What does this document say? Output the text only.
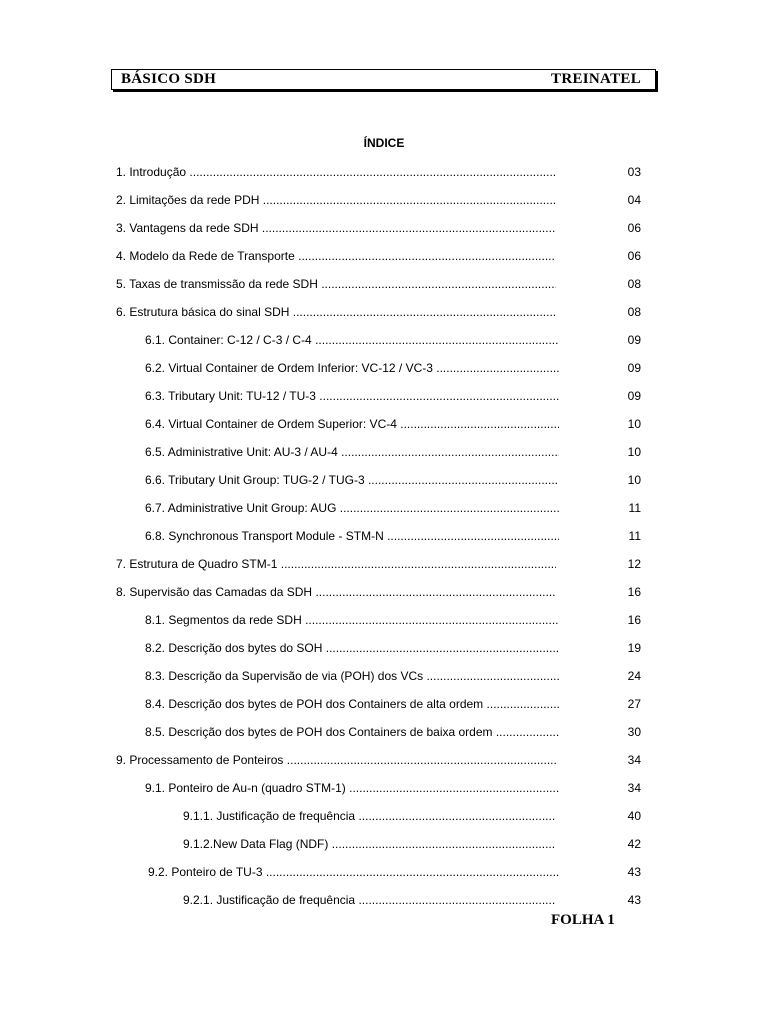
BÁSICO SDH	TREINATEL
ÍNDICE
1. Introdução .....	03
2. Limitações da rede PDH .....	04
3. Vantagens da rede SDH .....	06
4. Modelo da Rede de Transporte .....	06
5. Taxas de transmissão da rede SDH .....	08
6. Estrutura básica do sinal SDH .....	08
6.1. Container: C-12 / C-3 / C-4 .....	09
6.2. Virtual Container de Ordem Inferior: VC-12 / VC-3 .....	09
6.3. Tributary Unit: TU-12 / TU-3 .....	09
6.4. Virtual Container de Ordem Superior: VC-4 .....	10
6.5. Administrative Unit: AU-3 / AU-4 .....	10
6.6. Tributary Unit Group: TUG-2 / TUG-3 .....	10
6.7. Administrative Unit Group: AUG .....	11
6.8. Synchronous Transport Module - STM-N .....	11
7. Estrutura de Quadro STM-1 .....	12
8. Supervisão das Camadas da SDH .....	16
8.1. Segmentos da rede SDH .....	16
8.2. Descrição dos bytes do SOH .....	19
8.3. Descrição da Supervisão de via (POH) dos VCs .....	24
8.4. Descrição dos bytes de POH dos Containers de alta ordem .....	27
8.5. Descrição dos bytes de POH dos Containers de baixa ordem .....	30
9. Processamento de Ponteiros .....	34
9.1. Ponteiro de Au-n (quadro STM-1) .....	34
9.1.1. Justificação de frequência .....	40
9.1.2.New Data Flag (NDF) .....	42
9.2. Ponteiro de TU-3 .....	43
9.2.1. Justificação de frequência .....	43
FOLHA 1
